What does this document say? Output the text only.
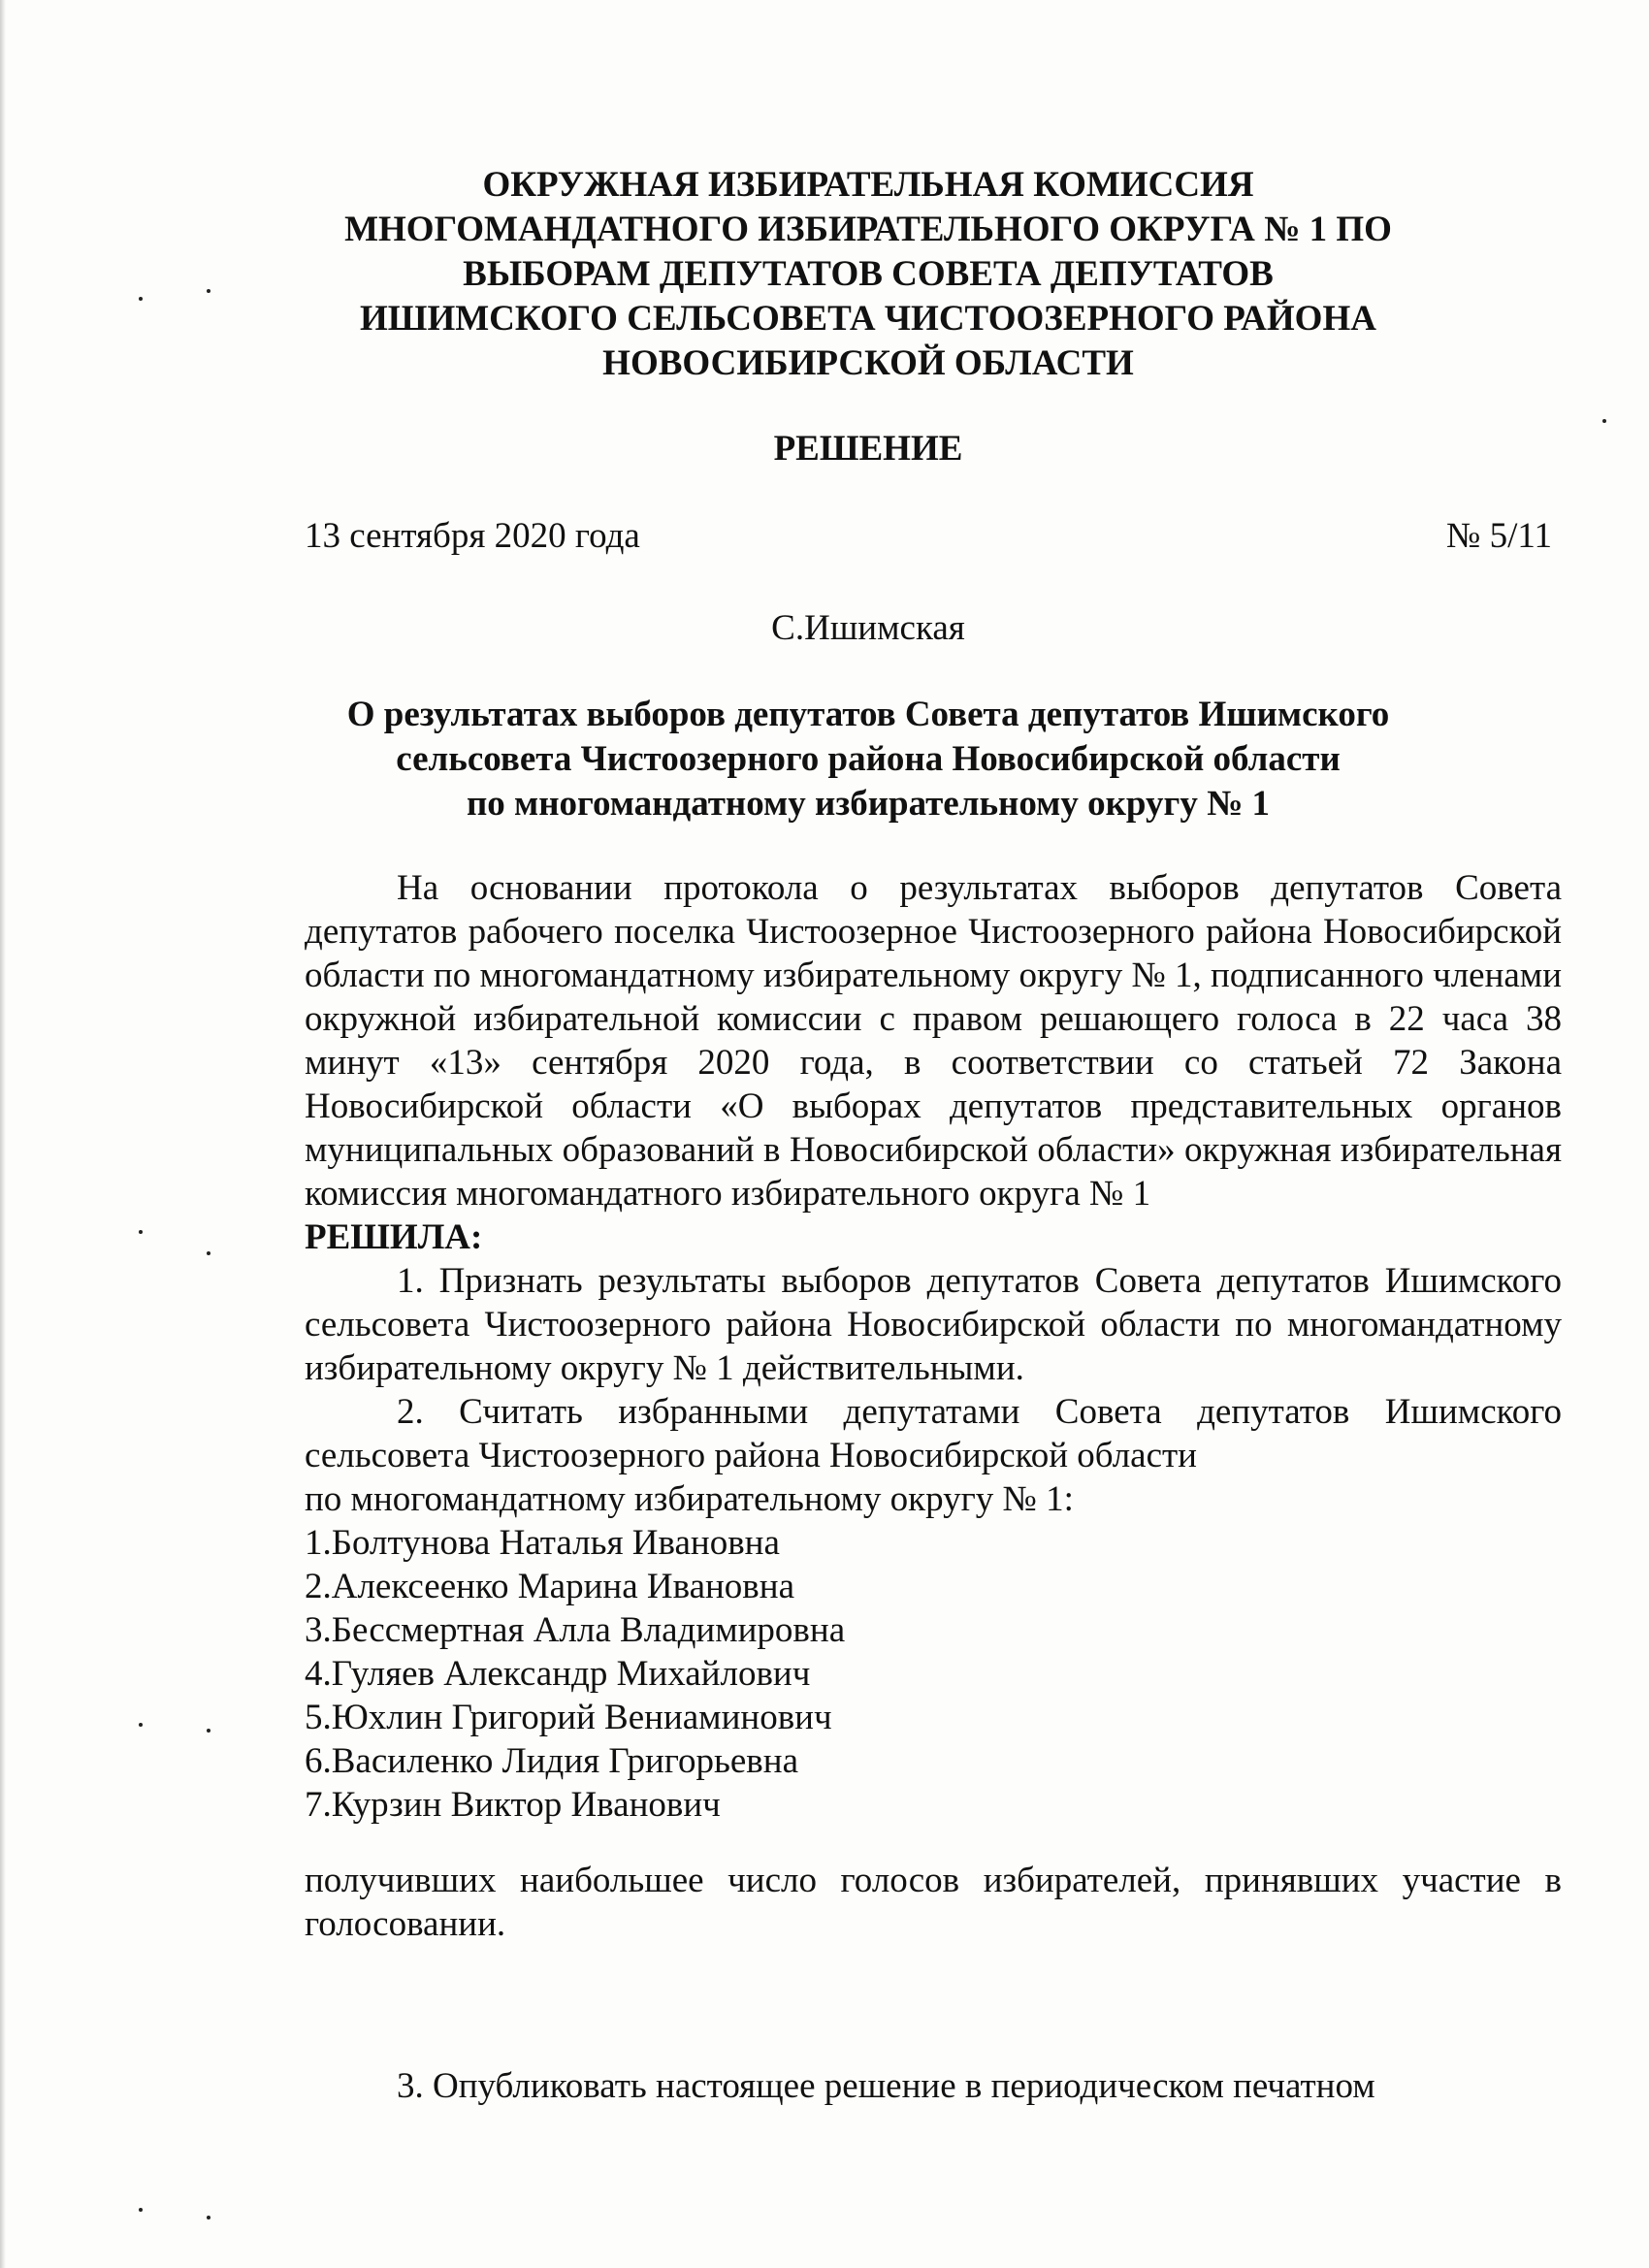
ОКРУЖНАЯ ИЗБИРАТЕЛЬНАЯ КОМИССИЯ
МНОГОМАНДАТНОГО ИЗБИРАТЕЛЬНОГО ОКРУГА № 1 ПО
ВЫБОРАМ ДЕПУТАТОВ СОВЕТА ДЕПУТАТОВ
ИШИМСКОГО СЕЛЬСОВЕТА ЧИСТООЗЕРНОГО РАЙОНА
НОВОСИБИРСКОЙ ОБЛАСТИ
РЕШЕНИЕ
13 сентября 2020 года	№ 5/11
С.Ишимская
О результатах выборов депутатов Совета депутатов Ишимского
сельсовета Чистоозерного района Новосибирской области
по многомандатному избирательному округу № 1

На основании протокола о результатах выборов депутатов Совета депутатов рабочего поселка Чистоозерное Чистоозерного района Новосибирской области по многомандатному избирательному округу № 1, подписанного членами окружной избирательной комиссии с правом решающего голоса в 22 часа 38 минут «13» сентября 2020 года, в соответствии со статьей 72 Закона Новосибирской области «О выборах депутатов представительных органов муниципальных образований в Новосибирской области» окружная избирательная комиссия многомандатного избирательного округа № 1

РЕШИЛА:

1. Признать результаты выборов депутатов Совета депутатов Ишимского сельсовета Чистоозерного района Новосибирской области по многомандатному избирательному округу № 1 действительными.

2. Считать избранными депутатами Совета депутатов Ишимского сельсовета Чистоозерного района Новосибирской области

по многомандатному избирательному округу № 1:

1.Болтунова Наталья Ивановна

2.Алексеенко Марина Ивановна

3.Бессмертная Алла Владимировна

4.Гуляев Александр Михайлович

5.Юхлин Григорий Вениаминович

6.Василенко Лидия Григорьевна

7.Курзин Виктор Иванович

получивших наибольшее число голосов избирателей, принявших участие в голосовании.

3. Опубликовать настоящее решение в периодическом печатном
